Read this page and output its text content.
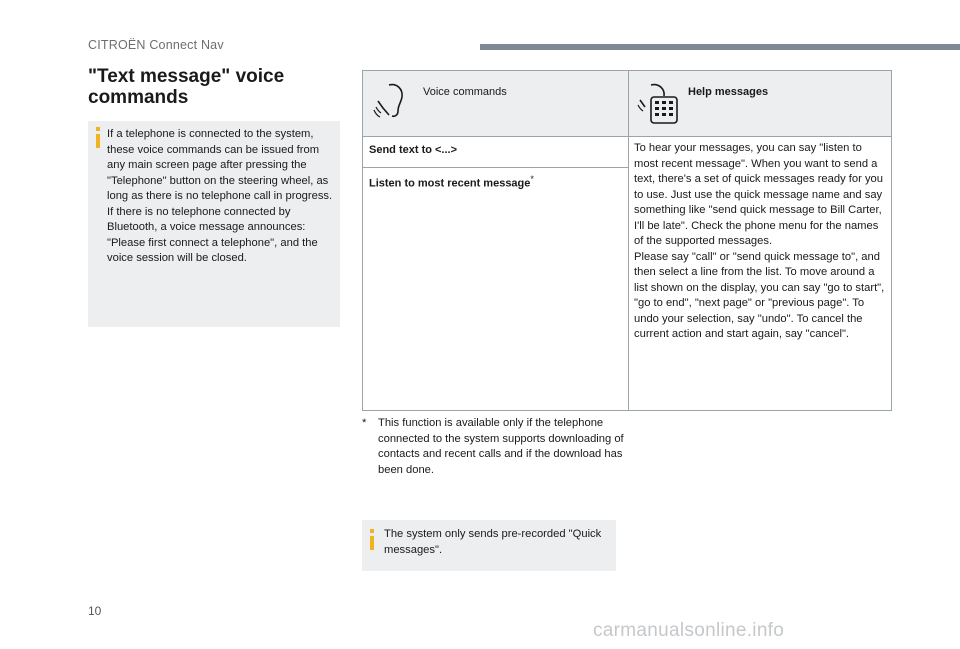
CITROËN Connect Nav
"Text message" voice commands
If a telephone is connected to the system, these voice commands can be issued from any main screen page after pressing the "Telephone" button on the steering wheel, as long as there is no telephone call in progress.
If there is no telephone connected by Bluetooth, a voice message announces: "Please first connect a telephone", and the voice session will be closed.
Voice commands	Help messages
Send text to <...>
Listen to most recent message*
To hear your messages, you can say "listen to most recent message". When you want to send a text, there's a set of quick messages ready for you to use. Just use the quick message name and say something like "send quick message to Bill Carter, I'll be late". Check the phone menu for the names of the supported messages.
Please say "call" or "send quick message to", and then select a line from the list. To move around a list shown on the display, you can say "go to start", "go to end", "next page" or "previous page". To undo your selection, say "undo". To cancel the current action and start again, say "cancel".
* This function is available only if the telephone connected to the system supports downloading of contacts and recent calls and if the download has been done.
The system only sends pre-recorded "Quick messages".
10
carmanualsonline.info
